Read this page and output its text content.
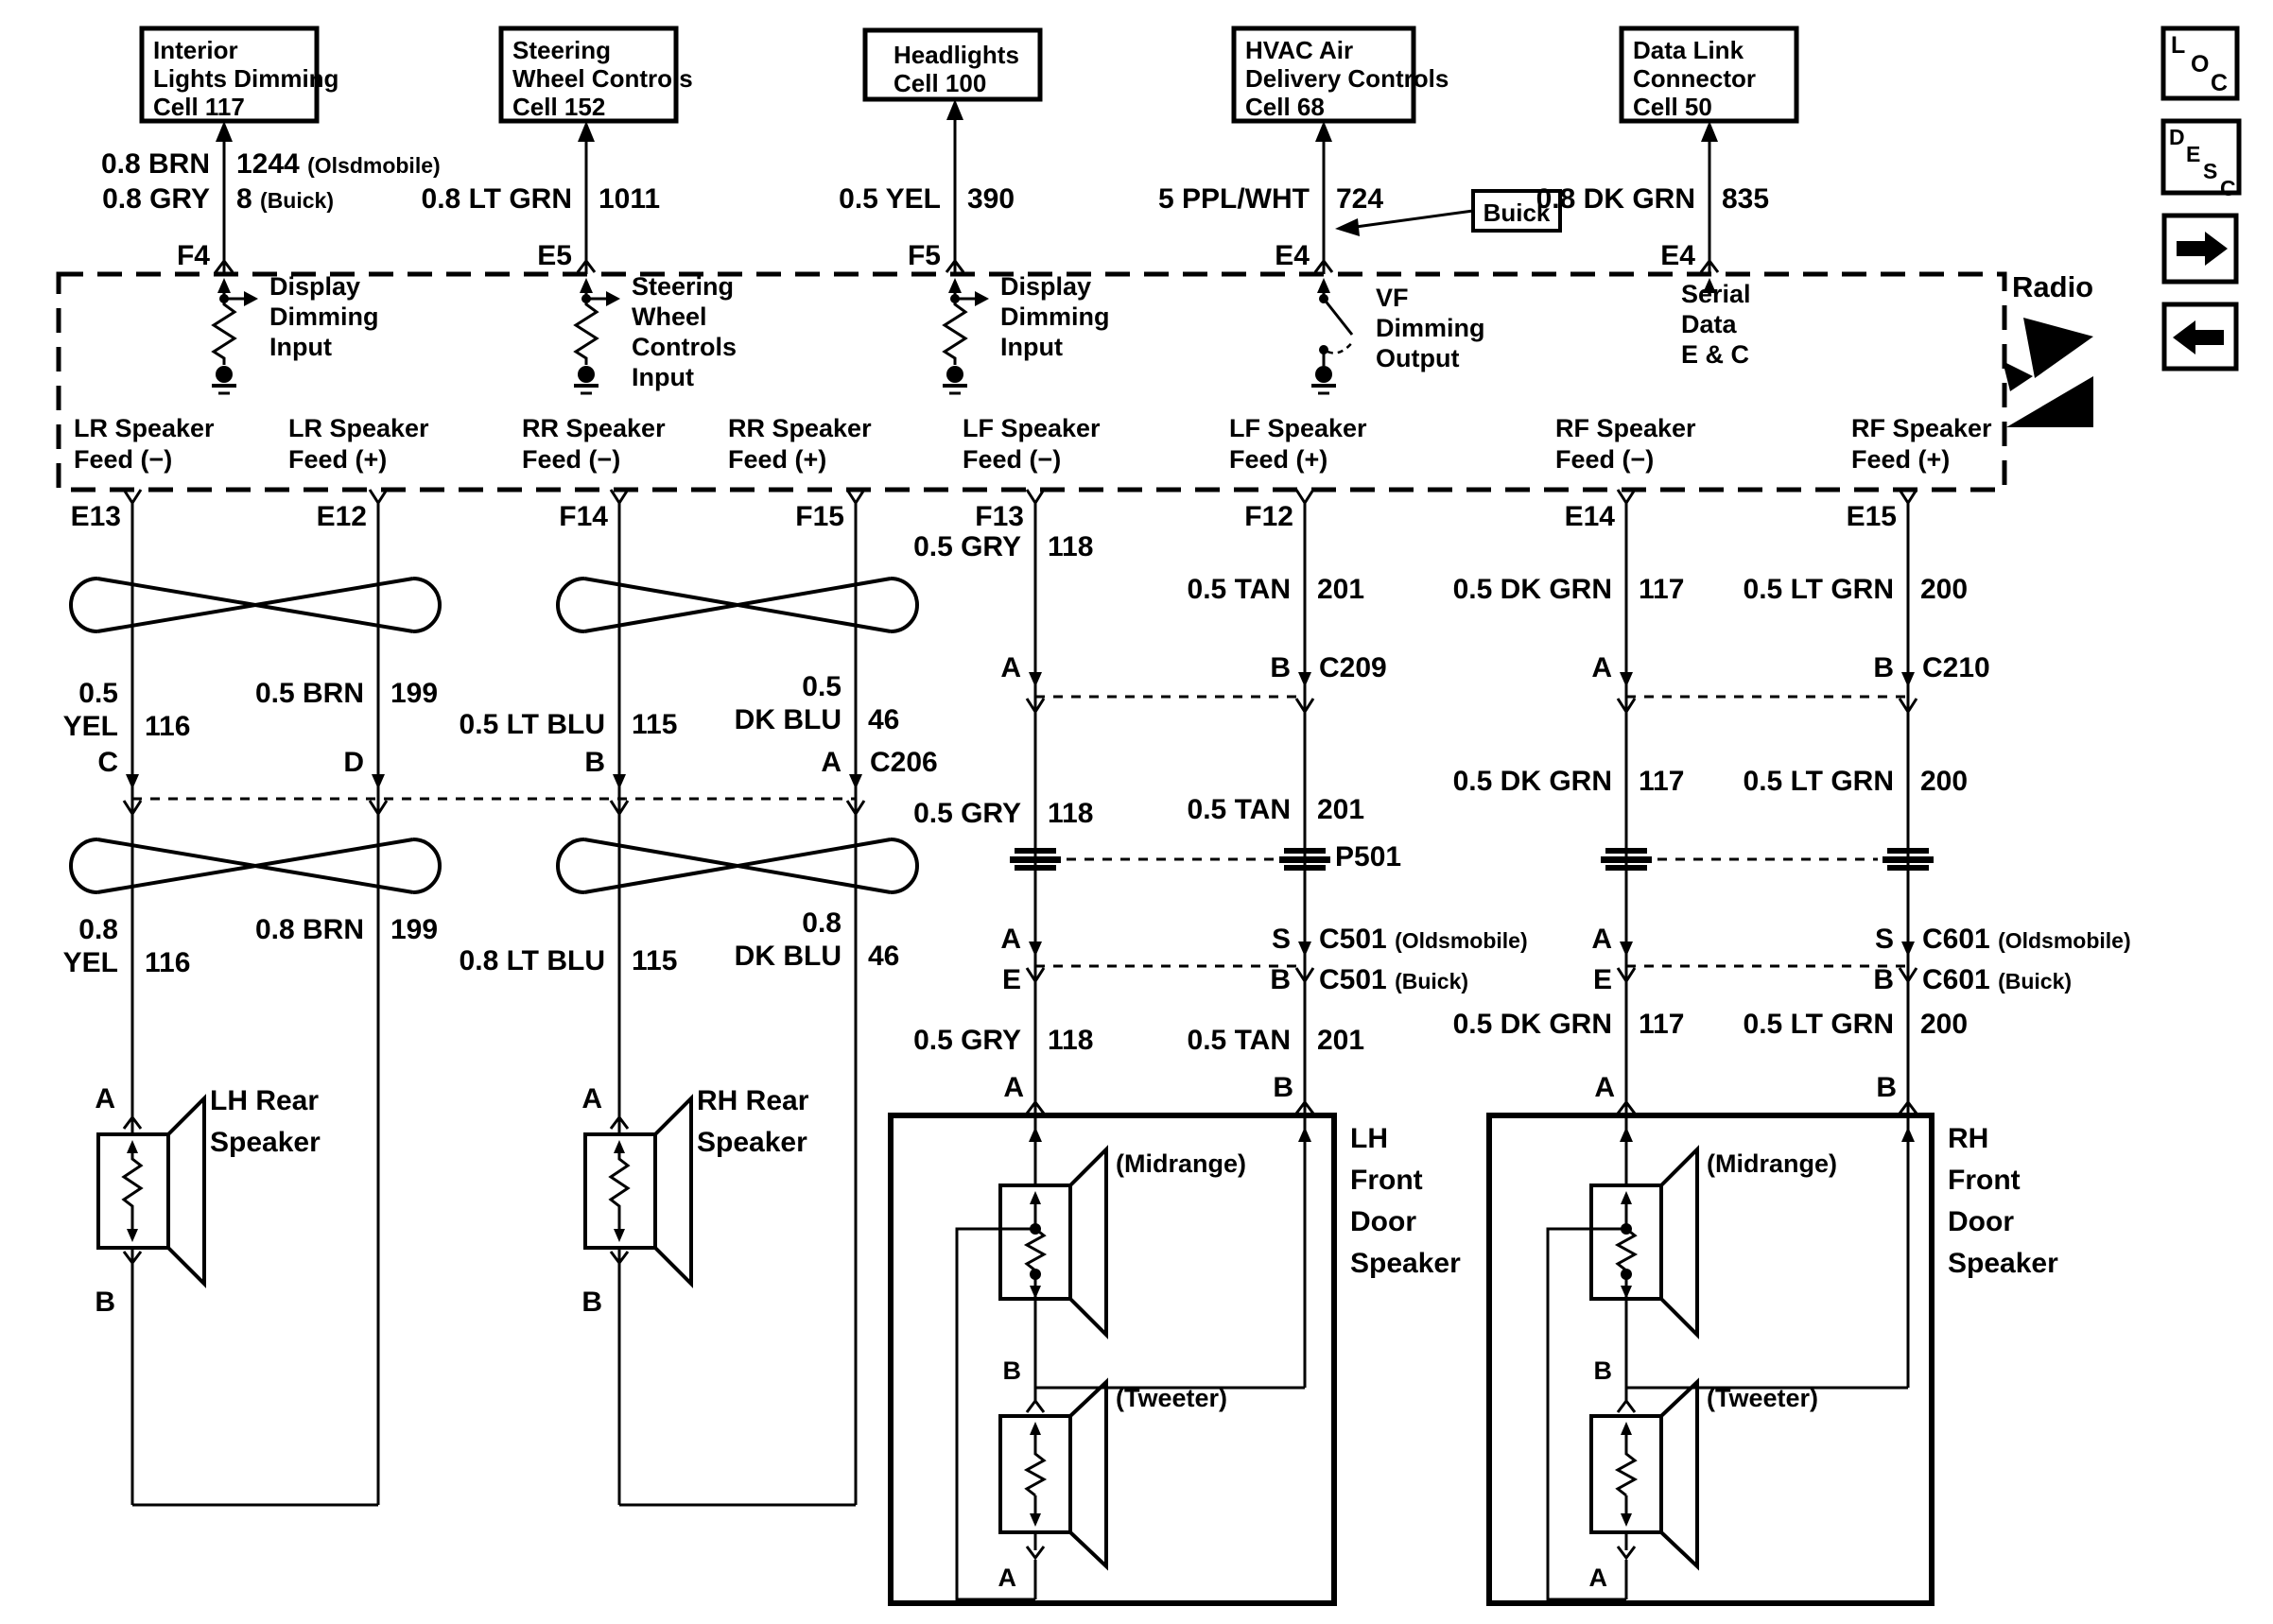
Interior
Lights Dimming
Cell 117
Steering
Wheel Controls
Cell 152
Headlights
Cell 100
HVAC Air
Delivery Controls
Cell 68
Data Link
Connector
Cell 50
0.8 BRN
0.8 GRY
1244 (Olsdmobile)
8 (Buick)	0.8 LT GRN 1011	0.5 YEL 390	5 PPL/WHT 724	0.8 DK GRN 835
Buick
F4	E5	F5	E4	E4
Radio
Display
Dimming
Input
Steering
Wheel
Controls
Input
Display
Dimming
Input
VF
Dimming
Output
Serial
Data
E & C
LR Speaker
Feed (−)
LR Speaker
Feed (+)
RR Speaker
Feed (−)
RR Speaker
Feed (+)
LF Speaker
Feed (−)
LF Speaker
Feed (+)
RF Speaker
Feed (−)
RF Speaker
Feed (+)
E13	E12	F14	F15	F13	F12	E14	E15
0.5 GRY 118
0.5 TAN 201	0.5 DK GRN 117 0.5 LT GRN 200
A	B C209	A	B C210
0.5
YEL 116
0.5 BRN 199
0.5 LT BLU 115
0.5
DK BLU 46
C	D	B	A C206
0.5 GRY 118	0.5 TAN 201
0.5 DK GRN 117 0.5 LT GRN 200
P501
0.8
YEL 116
0.8 BRN 199
0.8 LT BLU 115
0.8
DK BLU 46
A	S C501 (Oldsmobile)
E	B C501 (Buick)
A	S C601 (Oldsmobile)
E	B C601 (Buick)
0.5 GRY 118	0.5 TAN 201
0.5 DK GRN 117 0.5 LT GRN 200
A	B	A	B
A
B
LH Rear
Speaker
A
B
RH Rear
Speaker
(Midrange)
(Tweeter)
LH
Front
Door
Speaker
B
A
(Midrange)
(Tweeter)
RH
Front
Door
Speaker
B
A
L
O
C
D
E
S
C
